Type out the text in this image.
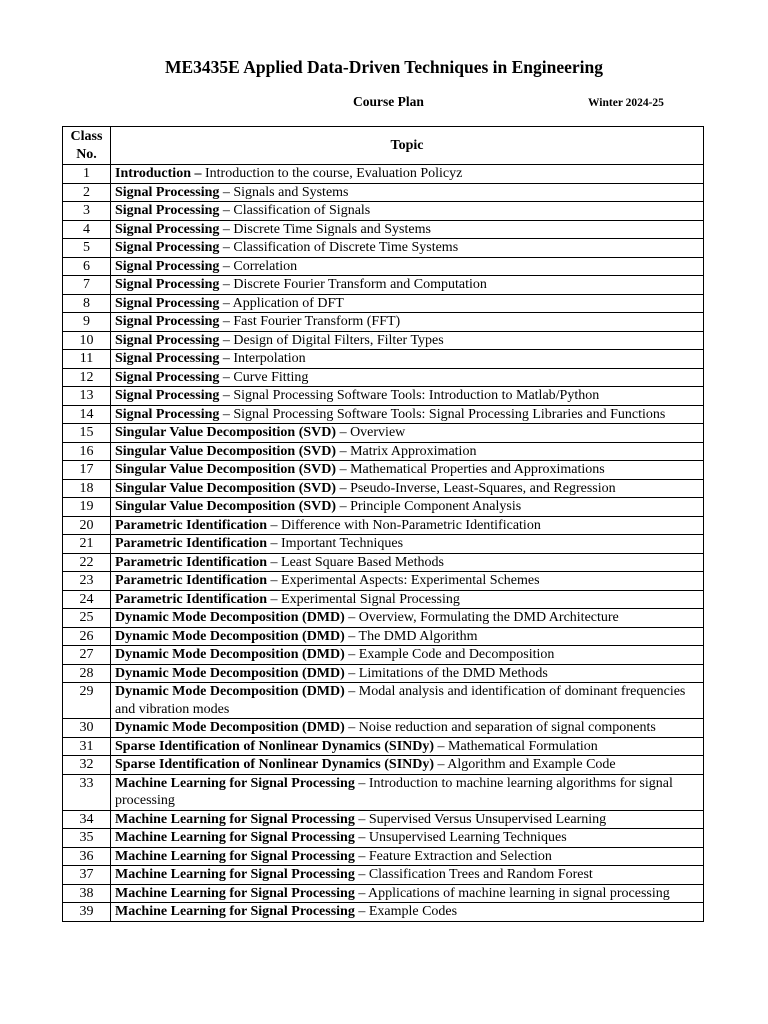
ME3435E Applied Data-Driven Techniques in Engineering
Course Plan	Winter 2024-25
Class
No.	Topic
1	Introduction – Introduction to the course, Evaluation Policyz
2	Signal Processing – Signals and Systems
3	Signal Processing – Classification of Signals
4	Signal Processing – Discrete Time Signals and Systems
5	Signal Processing – Classification of Discrete Time Systems
6	Signal Processing – Correlation
7	Signal Processing – Discrete Fourier Transform and Computation
8	Signal Processing – Application of DFT
9	Signal Processing – Fast Fourier Transform (FFT)
10	Signal Processing – Design of Digital Filters, Filter Types
11	Signal Processing – Interpolation
12	Signal Processing – Curve Fitting
13	Signal Processing – Signal Processing Software Tools: Introduction to Matlab/Python
14	Signal Processing – Signal Processing Software Tools: Signal Processing Libraries and Functions
15	Singular Value Decomposition (SVD) – Overview
16	Singular Value Decomposition (SVD) – Matrix Approximation
17	Singular Value Decomposition (SVD) – Mathematical Properties and Approximations
18	Singular Value Decomposition (SVD) – Pseudo-Inverse, Least-Squares, and Regression
19	Singular Value Decomposition (SVD) – Principle Component Analysis
20	Parametric Identification – Difference with Non-Parametric Identification
21	Parametric Identification – Important Techniques
22	Parametric Identification – Least Square Based Methods
23	Parametric Identification – Experimental Aspects: Experimental Schemes
24	Parametric Identification – Experimental Signal Processing
25	Dynamic Mode Decomposition (DMD) – Overview, Formulating the DMD Architecture
26	Dynamic Mode Decomposition (DMD) – The DMD Algorithm
27	Dynamic Mode Decomposition (DMD) – Example Code and Decomposition
28	Dynamic Mode Decomposition (DMD) – Limitations of the DMD Methods
29	Dynamic Mode Decomposition (DMD) – Modal analysis and identification of dominant frequencies and vibration modes
30	Dynamic Mode Decomposition (DMD) – Noise reduction and separation of signal components
31	Sparse Identification of Nonlinear Dynamics (SINDy) – Mathematical Formulation
32	Sparse Identification of Nonlinear Dynamics (SINDy) – Algorithm and Example Code
33	Machine Learning for Signal Processing – Introduction to machine learning algorithms for signal processing
34	Machine Learning for Signal Processing – Supervised Versus Unsupervised Learning
35	Machine Learning for Signal Processing – Unsupervised Learning Techniques
36	Machine Learning for Signal Processing – Feature Extraction and Selection
37	Machine Learning for Signal Processing – Classification Trees and Random Forest
38	Machine Learning for Signal Processing – Applications of machine learning in signal processing
39	Machine Learning for Signal Processing – Example Codes
